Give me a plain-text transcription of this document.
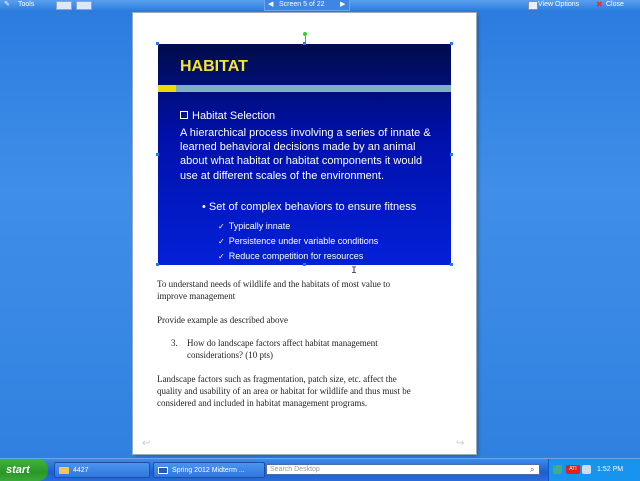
✎	Tools	◀ Screen 5 of 22 ▶	View Options ✖ Close
HABITAT
Habitat Selection
A hierarchical process involving a series of innate & learned behavioral decisions made by an animal about what habitat or habitat components it would use at different scales of the environment.
• Set of complex behaviors to ensure fitness
✓ Typically innate
✓ Persistence under variable conditions
✓ Reduce competition for resources
I
To understand needs of wildlife and the habitats of most value to
improve management
Provide example as described above
3. How do landscape factors affect habitat management
considerations? (10 pts)
Landscape factors such as fragmentation, patch size, etc. affect the
quality and usability of an area or habitat for wildlife and thus must be
considered and included in habitat management programs.
↩	↪
start	4427	Spring 2012 Midterm ...	Search Desktop	⌕	ATI	1:52 PM
